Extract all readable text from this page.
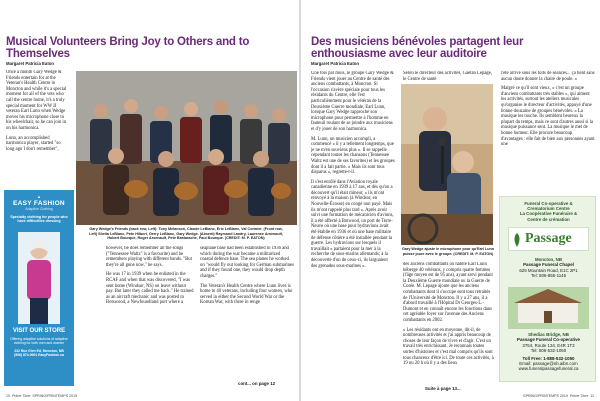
Musical Volunteers Bring Joy to Others and to Themselves
Margaret Patricia Eaton

Once a month Gary Wedge & Friends entertain for at the Veteran's Health Centre in Moncton and while it's a special moment for all of the vets who call the centre home, it's a truly special moment for WW II veteran Earl Lunn when Wedge moves his microphone close to his wheelchair, so he can join in on his harmonica.

Lunn, an accomplished harmonica player, started "so long ago I don't remember",

Gary Wedge's Friends (back row, Left): Tony Melanson, Claude LeBlanc, Eric LeBlanc, Val Cormier. (Front row, Left) Shelia LeBlanc, Pete Hilbert, Gerry LeBlanc, Gary Wedge. (Absent) Raymond Landry, Laurence Arsenault, Hubert Bourque, Roger Arsenault, Pete Bastarache, Paul Bourque. (CREDIT: M. P. EATON)
▲
EASY FASHION
Adaptive Clothing
Specialty clothing for people who have difficulties dressing
VISIT OUR STORE
Offering adaptive solutions of adaptive clothing for both men and women
232 Rue Glen Ed, Moncton, NB
(506) 874-0001 EasyFashion.ca

however, he does remember all the songs ("Tennessee Waltz" is a favourite) and he remembers playing with different bands. "But they're all gone now," he says.

He was 17 in 1939 when he enlisted in the RCAF and when that was discovered, "I was sent home (Windsor, NS) on leave without pay. But later they called me back." He trained as an aircraft mechanic and was posted to Botswood, a Newfoundland port where a

seaplane base had been established in 1936 and which during the war became a militarized coastal defence base. The sea planes he worked on "would fly out looking for German submarines and if they found one, they would drop depth charges."

The Veteran's Health Centre where Lunn lives is home to 40 veterans, including four women, who served in either the Second World War or the Korean War, with three in renge

cont... on page 12
10 Prime Time SPRING/PRINTEMPS 2019
Des musiciens bénévoles partagent leur enthousiasme avec leur auditoire
Margaret Patricia Eaton

Une fois par mois, le groupe Gary Wedge & Friends vient jouer au Centre de santé des anciens combattants, à Moncton. Si l'occasion s'avère spéciale pour tous les résidants du Centre, elle l'est particulièrement pour le vétéran de la Deuxième Guerre mondiale, Earl Lunn, lorsque Gary Wedge rapproche son microphone pour permettre à l'homme en fauteuil roulant de se joindre aux musiciens et d'y jouer de son harmonica.

M. Lunn, un musicien accompli, a commencé « il y a tellement longtemps, que je ne m'en souviens plus ». Il se rappelle cependant toutes les chansons (Tennessee Waltz est une de ses favorites) et les groupes dont il a fait partie. « Mais ils sont tous disparus », regrette-t-il.

Il s'est enrôlé dans l'Aviation royale canadienne en 1939 à 17 ans, et dès qu'on a découvert qu'il était mineur, « ils m'ont renvoyé à la maison (à Windsor, en Nouvelle-Écosse) en congé non payé. Mais ils m'ont rappelé plus tard ». Après avoir suivi une formation de mécanicien d'avions, il a été affecté à Botwood, un port de Terre-Neuve où une base pour hydravions avait été établie en 1936 et où une base militaire de défense côtière a été installée pendant la guerre. Les hydravions sur lesquels il travaillait « partaient pour la mer à la recherche de sous-marins allemands; à la découverte d'un de ceux-ci, ils larguaient des grenades sous-marines ».

Selon le directeur des activités, Gaétan Lepage, le Centre de santé

Gary Wedge ajuste le microphone pour qu'Earl Lunn puisse jouer avec le groupe. (CREDIT: M. P. EATON)

des anciens combattants où habite Earl Lunn héberge 40 vétérans, y compris quatre femmes (l'âge moyen est de 95 ans), ayant servi pendant la Deuxième Guerre mondiale ou la Guerre de Corée. M. Lepage ajoute que les anciens combattants dont il s'occupe sont tous retraités de l'Université de Moncton. Il y a 27 ans, il a d'abord travaillé à l'Hôpital Dr Georges-L.-Dumont et en connaît encore les fonctions dans cet agréable foyer sur l'avenue des Anciens combattants en 2002.

« Les résidants ont en moyenne, dit-il, de nombreuses activités et j'ai appris beaucoup de choses de leur façon de vivre et d'agir. C'est un travail très enrichissant. Je reconnais toutes sortes d'histoires et c'est mal compris qu'ils sont tous chanceux d'être ici. De toute ces activités, à 19 ou 20 h où il y a des lieux

l'été arrivé sous les toits de séances... ça tient sans aucun doute donner la chaire de poule. »

Malgré ce qu'il sont vieux, « c'est un groupe d'anciens combattants très stables », qui aiment les activités, surtout les ateliers musicales qu'organise le directeur d'activités, appuyé d'une bonne douzaine de groupes bénévoles. « La musique les touche. Ils semblent heureux la plupart du temps, mais ce sont d'autres aussi si la musique puissance sent. La musique le met de bonne humeur. Elle procure beaucoup d'avantages : elle fait de bien aux personnes ayant une

Funeral Co-operative &
Crematorium Centre
La Coopérative Funéraire &
Centre de crémation
Passage
Moncton, NB
Passage Funeral Chapel
625 Mountain Road, E1C 2P1
Tel: 506-855-1145
Shediac Bridge, NB
Passage Funeral Co-operative
3754, Route 134, E4R 1T3
Tel: 506-532-1050
Toll Free: 1-888-532-1050
Email: passage@nb.aibn.com
www.funeralpassagefuneral.ca
Suite à page 13...
SPRING/PRINTEMPS 2019 Prime Time 11
